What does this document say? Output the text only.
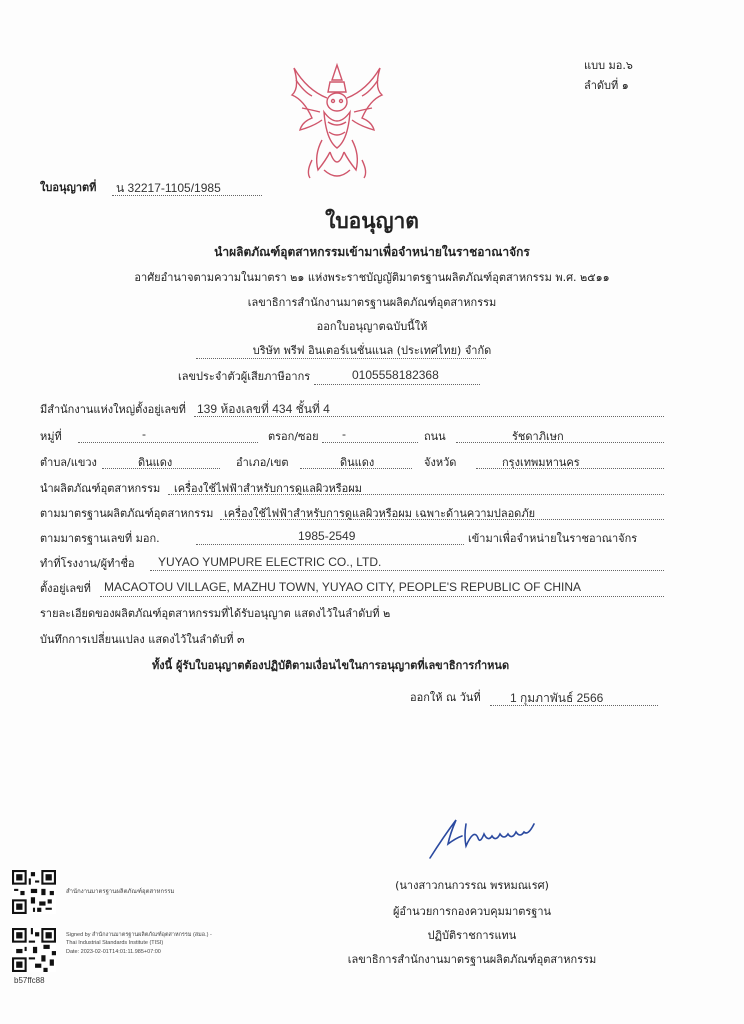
แบบ มอ.๖
ลำดับที่ ๑
ใบอนุญาตที่ น 32217-1105/1985
ใบอนุญาต
นำผลิตภัณฑ์อุตสาหกรรมเข้ามาเพื่อจำหน่ายในราชอาณาจักร
อาศัยอำนาจตามความในมาตรา ๒๑ แห่งพระราชบัญญัติมาตรฐานผลิตภัณฑ์อุตสาหกรรม พ.ศ. ๒๕๑๑
เลขาธิการสำนักงานมาตรฐานผลิตภัณฑ์อุตสาหกรรม
ออกใบอนุญาตฉบับนี้ให้
บริษัท พรีฟ อินเตอร์เนชั่นแนล (ประเทศไทย) จำกัด
เลขประจำตัวผู้เสียภาษีอากร	0105558182368
มีสำนักงานแห่งใหญ่ตั้งอยู่เลขที่ 139 ห้องเลขที่ 434 ชั้นที่ 4
หมู่ที่	-	ตรอก/ซอย -	ถนน	รัชดาภิเษก
ตำบล/แขวง	ดินแดง	อำเภอ/เขต	ดินแดง	จังหวัด	กรุงเทพมหานคร
นำผลิตภัณฑ์อุตสาหกรรม เครื่องใช้ไฟฟ้าสำหรับการดูแลผิวหรือผม
ตามมาตรฐานผลิตภัณฑ์อุตสาหกรรม เครื่องใช้ไฟฟ้าสำหรับการดูแลผิวหรือผม เฉพาะด้านความปลอดภัย
ตามมาตรฐานเลขที่ มอก.	1985-2549	เข้ามาเพื่อจำหน่ายในราชอาณาจักร
ทำที่โรงงาน/ผู้ทำชื่อ YUYAO YUMPURE ELECTRIC CO., LTD.
ตั้งอยู่เลขที่ MACAOTOU VILLAGE, MAZHU TOWN, YUYAO CITY, PEOPLE'S REPUBLIC OF CHINA
รายละเอียดของผลิตภัณฑ์อุตสาหกรรมที่ได้รับอนุญาต แสดงไว้ในลำดับที่ ๒
บันทึกการเปลี่ยนแปลง แสดงไว้ในลำดับที่ ๓
ทั้งนี้ ผู้รับใบอนุญาตต้องปฏิบัติตามเงื่อนไขในการอนุญาตที่เลขาธิการกำหนด
ออกให้ ณ วันที่ 1 กุมภาพันธ์ 2566
(นางสาวกนกวรรณ พรหมณเรศ)
ผู้อำนวยการกองควบคุมมาตรฐาน
ปฏิบัติราชการแทน
เลขาธิการสำนักงานมาตรฐานผลิตภัณฑ์อุตสาหกรรม
สำนักงานมาตรฐานผลิตภัณฑ์อุตสาหกรรม
Signed by สำนักงานมาตรฐานผลิตภัณฑ์อุตสาหกรรม (สมอ.) -
Thai Industrial Standards Institute (TISI)
Date: 2023-02-01T14:01:11.985+07:00
b57ffc88
